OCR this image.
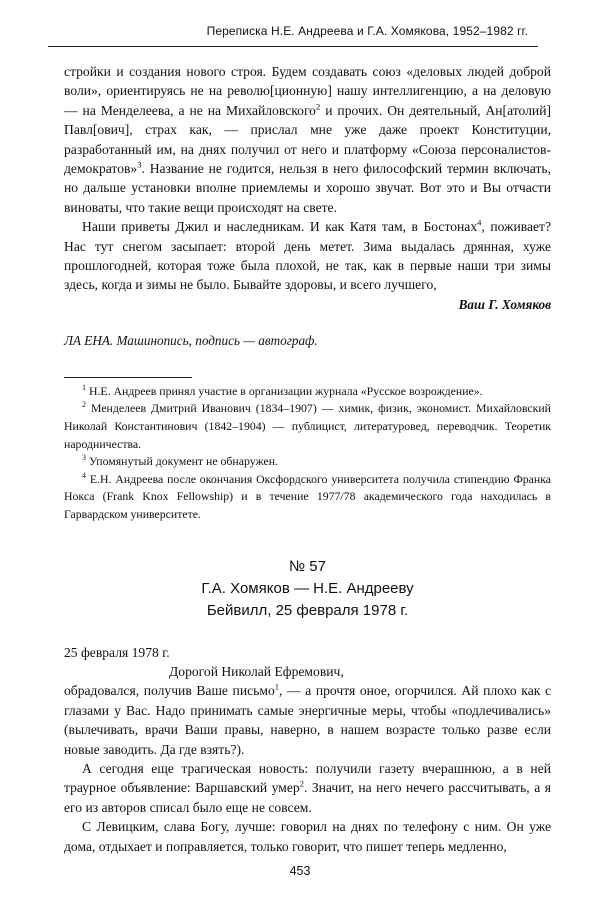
Переписка Н.Е. Андреева и Г.А. Хомякова, 1952–1982 гг.

стройки и создания нового строя. Будем создавать союз «деловых людей доброй воли», ориентируясь не на револю[ционную] нашу интеллигенцию, а на деловую — на Менделеева, а не на Михайловского$^2$ и прочих. Он деятельный, Ан[атолий] Павл[ович], страх как, — прислал мне уже даже проект Конституции, разработанный им, на днях получил от него и платформу «Союза персоналистов-демократов»$^3$. Название не годится, нельзя в него философский термин включать, но дальше установки вполне приемлемы и хорошо звучат. Вот это и Вы отчасти виноваты, что такие вещи происходят на свете.

Наши приветы Джил и наследникам. И как Катя там, в Бостонах$^4$, поживает? Нас тут снегом засыпает: второй день метет. Зима выдалась дрянная, хуже прошлогодней, которая тоже была плохой, не так, как в первые наши три зимы здесь, когда и зимы не было. Бывайте здоровы, и всего лучшего,

Ваш Г. Хомяков

ЛА ЕНА. Машинопись, подпись — автограф.

$^1$ Н.Е. Андреев принял участие в организации журнала «Русское возрождение».

$^2$ Менделеев Дмитрий Иванович (1834–1907) — химик, физик, экономист. Михайловский Николай Константинович (1842–1904) — публицист, литературовед, переводчик. Теоретик народничества.

$^3$ Упомянутый документ не обнаружен.

$^4$ Е.Н. Андреева после окончания Оксфордского университета получила стипендию Франка Нокса (Frank Knox Fellowship) и в течение 1977/78 академического года находилась в Гарвардском университете.

№ 57
Г.А. Хомяков — Н.Е. Андрееву
Бейвилл, 25 февраля 1978 г.

25 февраля 1978 г.

Дорогой Николай Ефремович,

обрадовался, получив Ваше письмо$^1$, — а прочтя оное, огорчился. Ай плохо как с глазами у Вас. Надо принимать самые энергичные меры, чтобы «подлечивались» (вылечивать, врачи Ваши правы, наверно, в нашем возрасте только разве если новые заводить. Да где взять?).

А сегодня еще трагическая новость: получили газету вчерашнюю, а в ней траурное объявление: Варшавский умер$^2$. Значит, на него нечего рассчитывать, а я его из авторов списал было еще не совсем.

С Левицким, слава Богу, лучше: говорил на днях по телефону с ним. Он уже дома, отдыхает и поправляется, только говорит, что пишет теперь медленно,

453
